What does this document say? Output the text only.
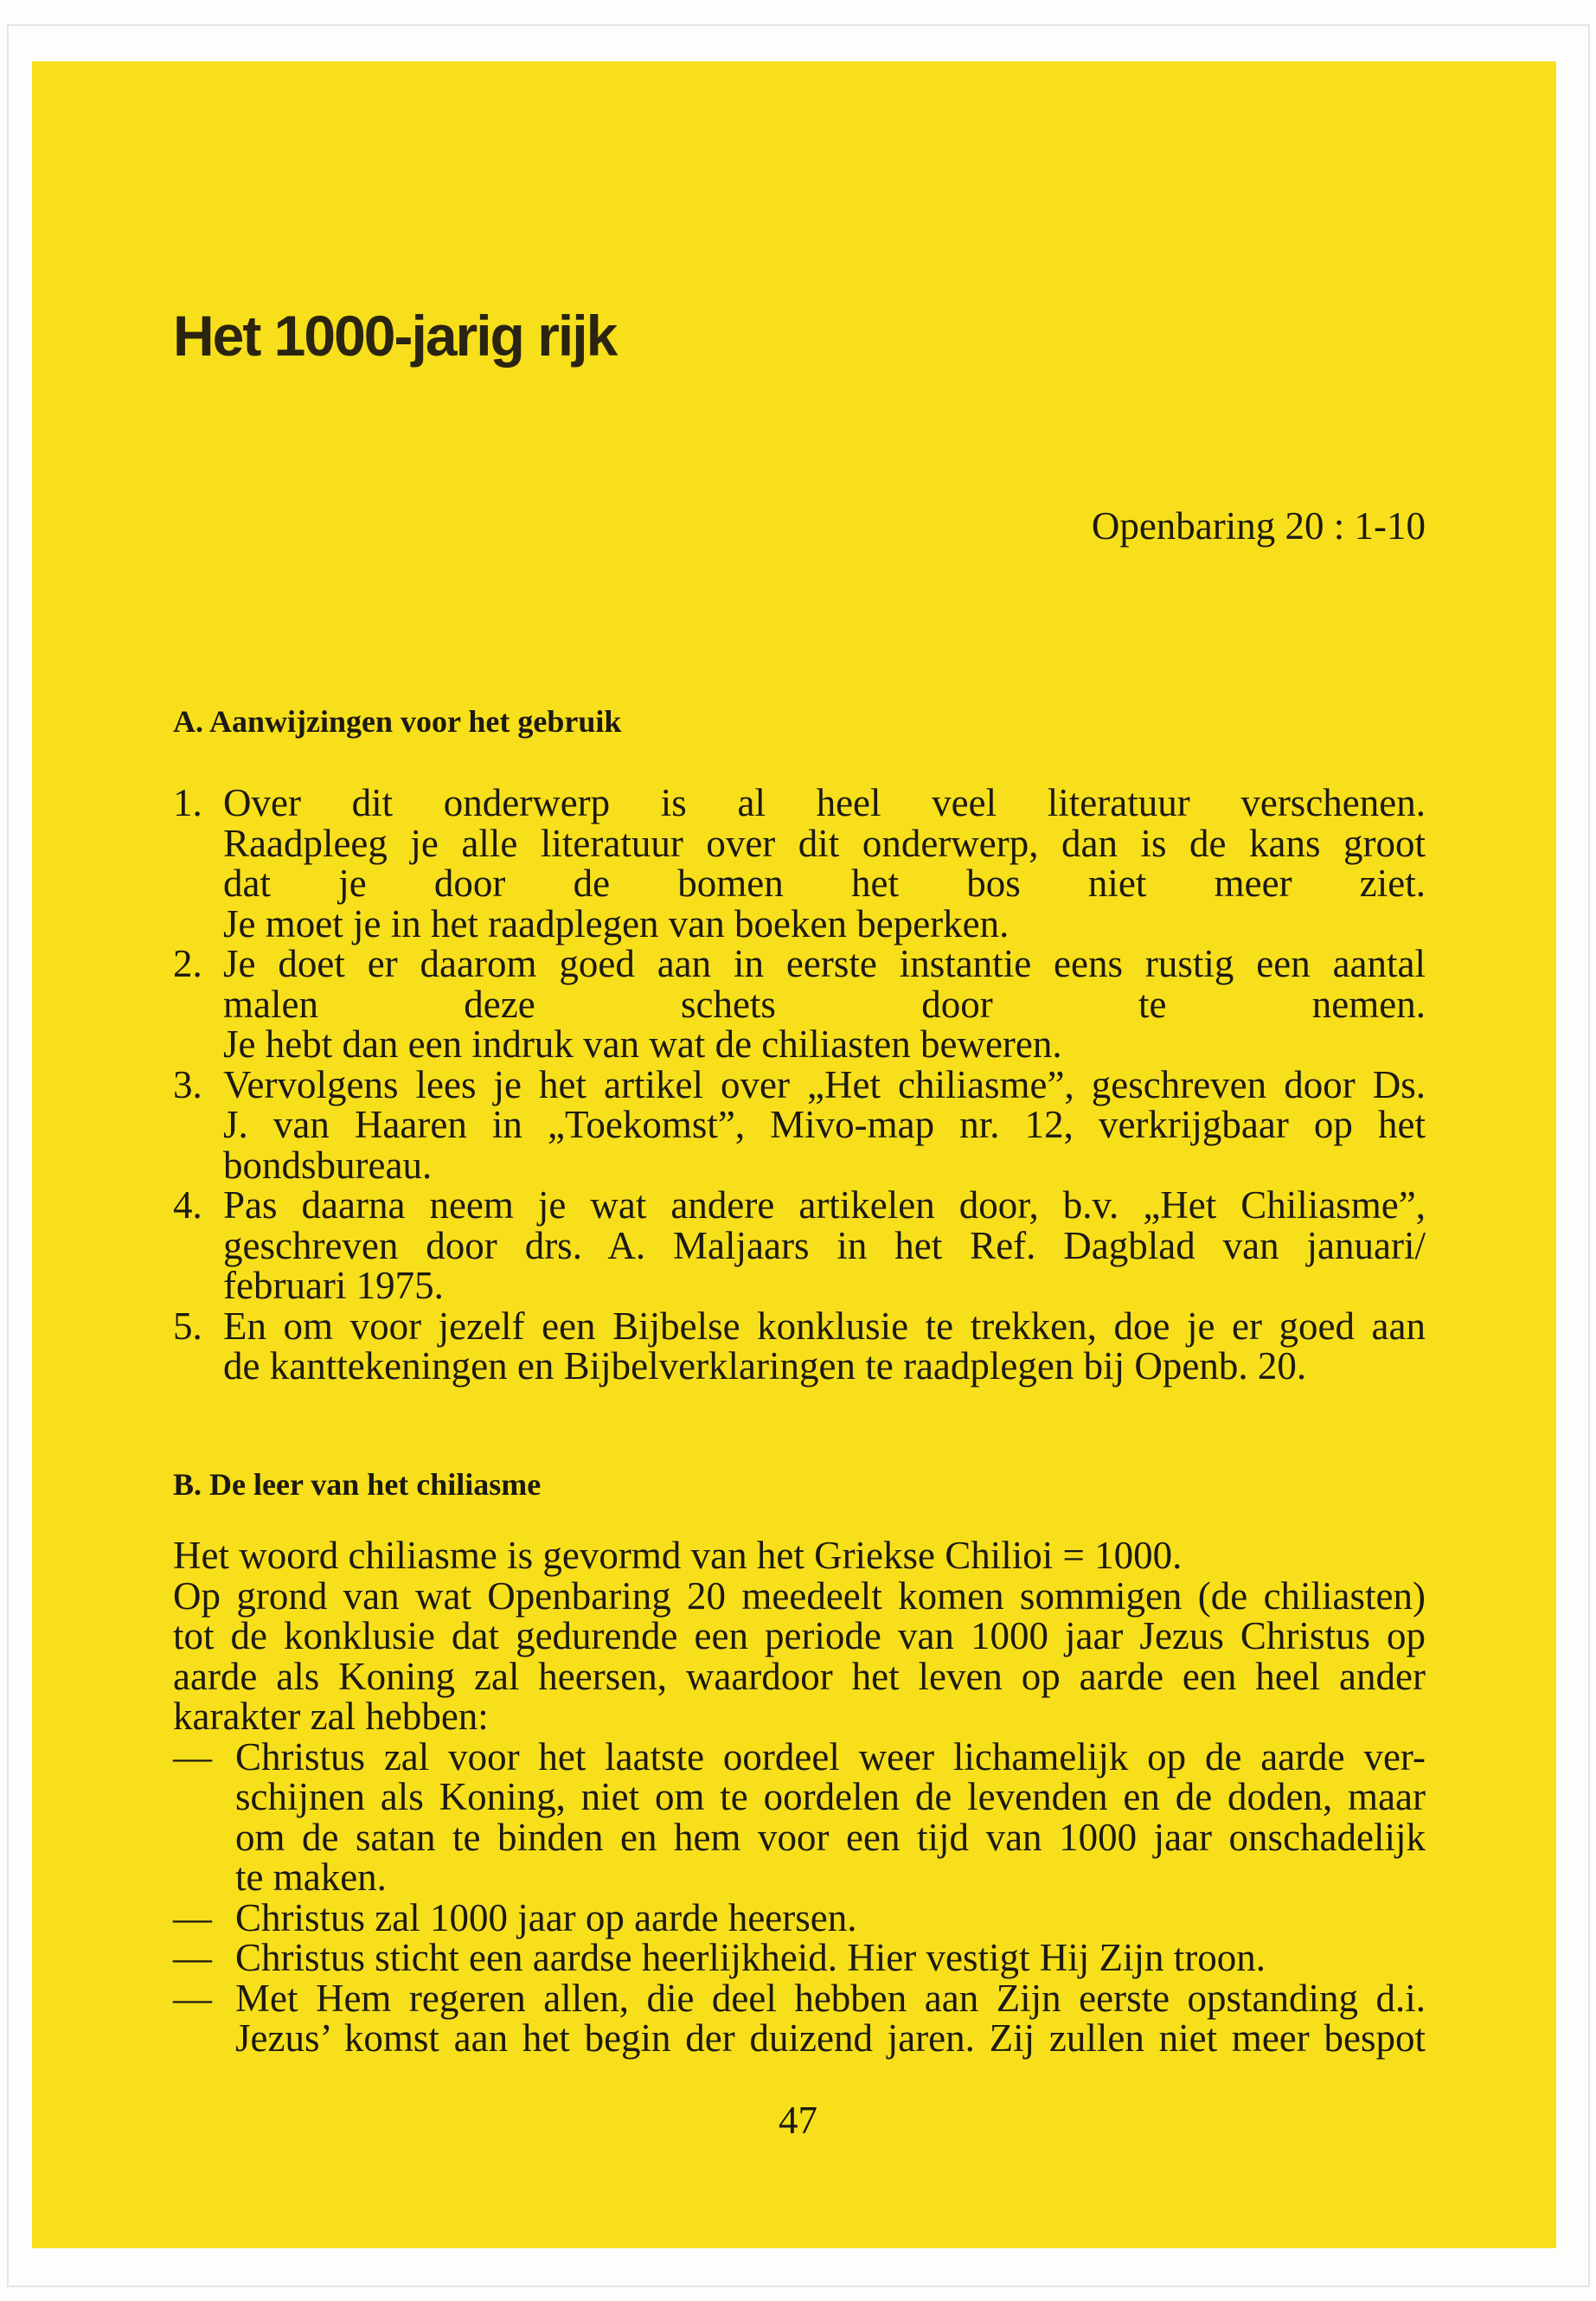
Het 1000-jarig rijk
Openbaring 20 : 1-10
A. Aanwijzingen voor het gebruik
1. Over dit onderwerp is al heel veel literatuur verschenen.
Raadpleeg je alle literatuur over dit onderwerp, dan is de kans groot
dat je door de bomen het bos niet meer ziet.
Je moet je in het raadplegen van boeken beperken.
2. Je doet er daarom goed aan in eerste instantie eens rustig een aantal
malen deze schets door te nemen.
Je hebt dan een indruk van wat de chiliasten beweren.
3. Vervolgens lees je het artikel over „Het chiliasme”, geschreven door Ds.
J. van Haaren in „Toekomst”, Mivo-map nr. 12, verkrijgbaar op het
bondsbureau.
4. Pas daarna neem je wat andere artikelen door, b.v. „Het Chiliasme”,
geschreven door drs. A. Maljaars in het Ref. Dagblad van januari/
februari 1975.
5. En om voor jezelf een Bijbelse konklusie te trekken, doe je er goed aan
de kanttekeningen en Bijbelverklaringen te raadplegen bij Openb. 20.
B. De leer van het chiliasme
Het woord chiliasme is gevormd van het Griekse Chilioi = 1000.
Op grond van wat Openbaring 20 meedeelt komen sommigen (de chiliasten)
tot de konklusie dat gedurende een periode van 1000 jaar Jezus Christus op
aarde als Koning zal heersen, waardoor het leven op aarde een heel ander
karakter zal hebben:
— Christus zal voor het laatste oordeel weer lichamelijk op de aarde ver-
schijnen als Koning, niet om te oordelen de levenden en de doden, maar
om de satan te binden en hem voor een tijd van 1000 jaar onschadelijk
te maken.
— Christus zal 1000 jaar op aarde heersen.
— Christus sticht een aardse heerlijkheid. Hier vestigt Hij Zijn troon.
— Met Hem regeren allen, die deel hebben aan Zijn eerste opstanding d.i.
Jezus’ komst aan het begin der duizend jaren. Zij zullen niet meer bespot
47
